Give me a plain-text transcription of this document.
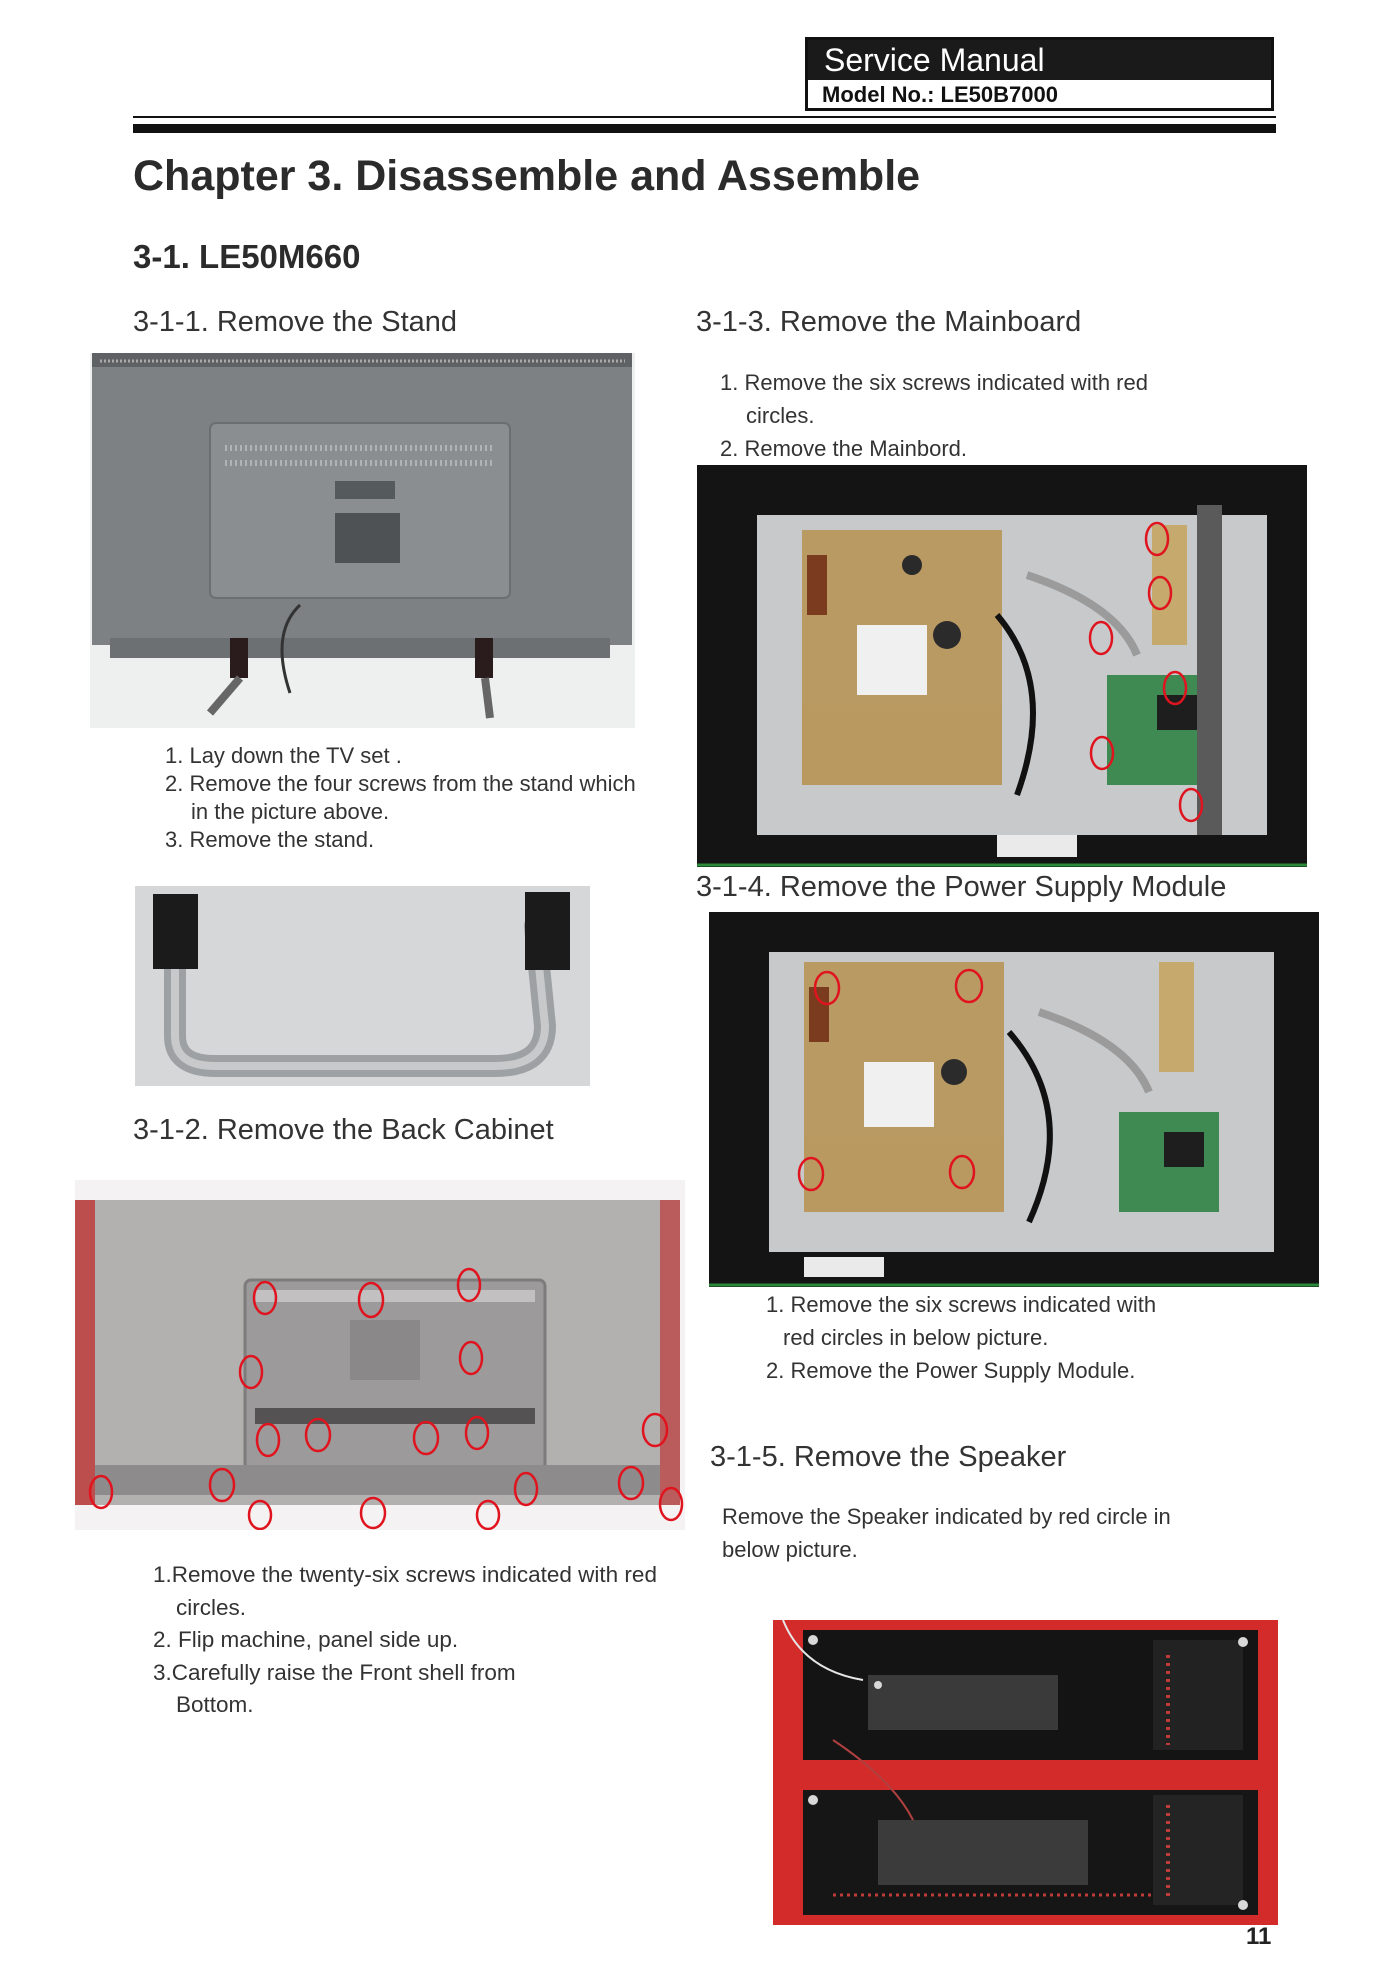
Service Manual
Model No.: LE50B7000
Chapter 3. Disassemble and Assemble
3-1. LE50M660
3-1-1. Remove the Stand
1. Lay down the TV set .
2. Remove the four screws from the stand which
in the picture above.
3. Remove the stand.
3-1-2. Remove the Back Cabinet
1.Remove the twenty-six screws indicated with red
circles.
2. Flip machine, panel side up.
3.Carefully raise the Front shell from
Bottom.
3-1-3. Remove the Mainboard
1. Remove the six screws indicated with red
circles.
2. Remove the Mainbord.
3-1-4. Remove the Power Supply Module
1. Remove the six screws indicated with
red circles in below picture.
2. Remove the Power Supply Module.
3-1-5. Remove the Speaker
Remove the Speaker indicated by red circle in
below picture.
11
